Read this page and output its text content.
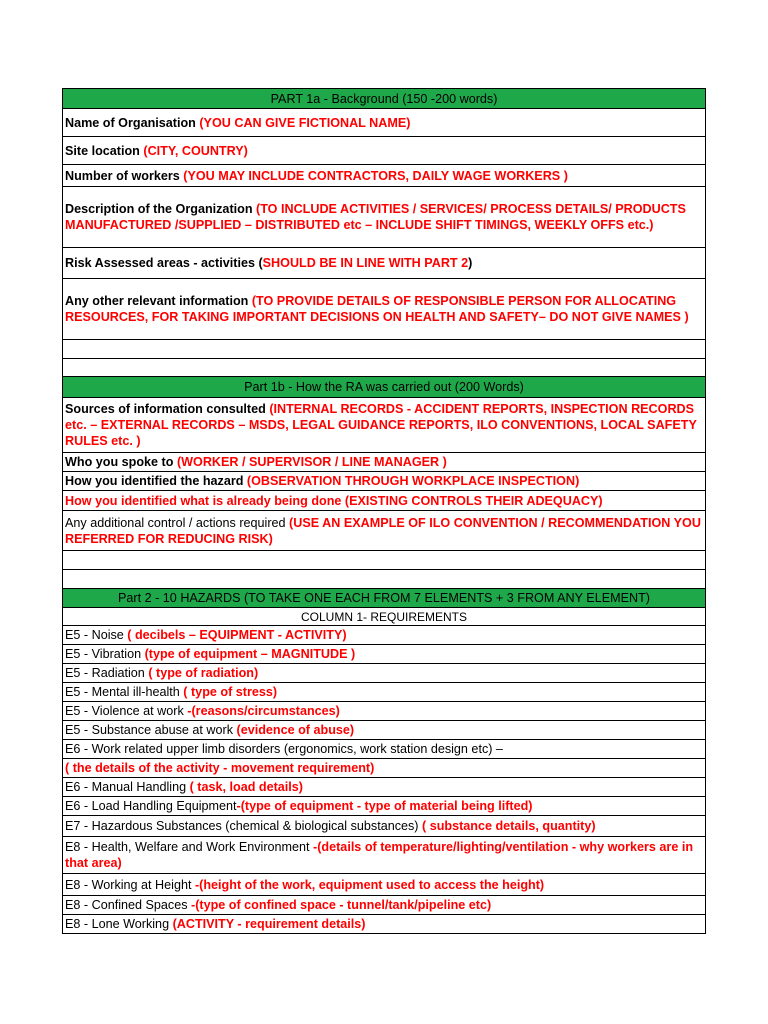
PART 1a - Background (150 -200 words)
Name of Organisation (YOU CAN GIVE FICTIONAL NAME)
Site location (CITY, COUNTRY)
Number of workers (YOU MAY INCLUDE CONTRACTORS, DAILY WAGE WORKERS )
Description of the Organization (TO INCLUDE ACTIVITIES / SERVICES/ PROCESS DETAILS/ PRODUCTS MANUFACTURED /SUPPLIED – DISTRIBUTED etc – INCLUDE SHIFT TIMINGS, WEEKLY OFFS etc.)
Risk Assessed areas - activities (SHOULD BE IN LINE WITH PART 2)
Any other relevant information (TO PROVIDE DETAILS OF RESPONSIBLE PERSON FOR ALLOCATING RESOURCES, FOR TAKING IMPORTANT DECISIONS ON HEALTH AND SAFETY– DO NOT GIVE NAMES )

Part 1b - How the RA was carried out (200 Words)
Sources of information consulted (INTERNAL RECORDS - ACCIDENT REPORTS, INSPECTION RECORDS etc. – EXTERNAL RECORDS – MSDS, LEGAL GUIDANCE REPORTS, ILO CONVENTIONS, LOCAL SAFETY RULES etc. )
Who you spoke to (WORKER / SUPERVISOR / LINE MANAGER )
How you identified the hazard (OBSERVATION THROUGH WORKPLACE INSPECTION)
How you identified what is already being done (EXISTING CONTROLS THEIR ADEQUACY)
Any additional control / actions required (USE AN EXAMPLE OF ILO CONVENTION / RECOMMENDATION YOU REFERRED FOR REDUCING RISK)

Part 2 - 10 HAZARDS (TO TAKE ONE EACH FROM 7 ELEMENTS + 3 FROM ANY ELEMENT)
COLUMN 1- REQUIREMENTS
E5 - Noise ( decibels – EQUIPMENT - ACTIVITY)
E5 - Vibration (type of equipment – MAGNITUDE )
E5 - Radiation ( type of radiation)
E5 - Mental ill-health ( type of stress)
E5 - Violence at work -(reasons/circumstances)
E5 - Substance abuse at work (evidence of abuse)
E6 - Work related upper limb disorders (ergonomics, work station design etc) –
( the details of the activity - movement requirement)
E6 - Manual Handling ( task, load details)
E6 - Load Handling Equipment-(type of equipment - type of material being lifted)
E7 - Hazardous Substances (chemical & biological substances) ( substance details, quantity)
E8 - Health, Welfare and Work Environment -(details of temperature/lighting/ventilation - why workers are in that area)
E8 - Working at Height -(height of the work, equipment used to access the height)
E8 - Confined Spaces -(type of confined space - tunnel/tank/pipeline etc)
E8 - Lone Working (ACTIVITY - requirement details)
